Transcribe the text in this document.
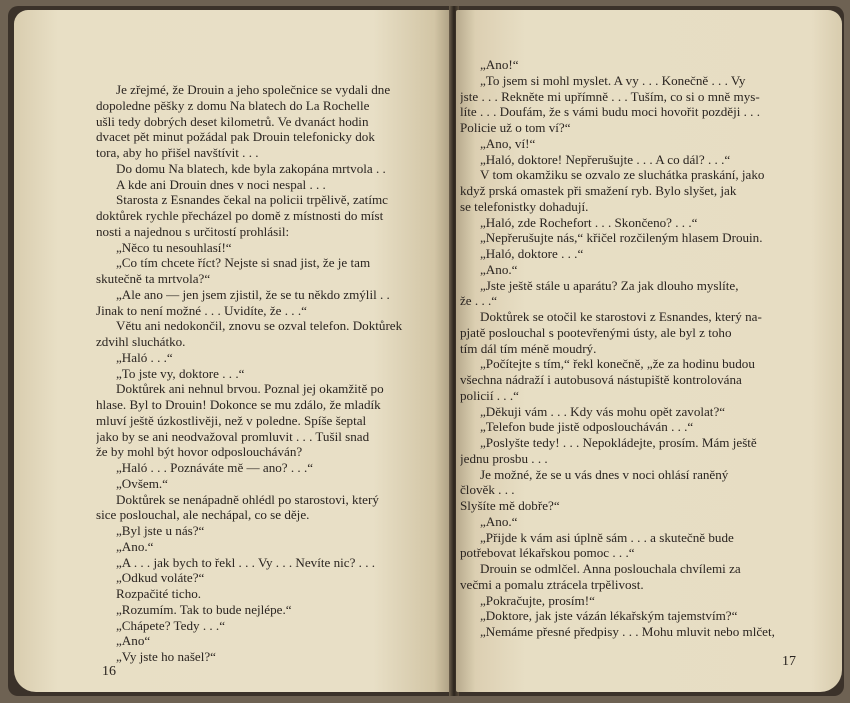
Je zřejmé, že Drouin a jeho společnice se vydali dne
dopoledne pěšky z domu Na blatech do La Rochelle
ušli tedy dobrých deset kilometrů. Ve dvanáct hodin
dvacet pět minut požádal pak Drouin telefonicky dok
tora, aby ho přišel navštívit . . .
Do domu Na blatech, kde byla zakopána mrtvola . .
A kde ani Drouin dnes v noci nespal . . .
Starosta z Esnandes čekal na policii trpělivě, zatímc
doktůrek rychle přecházel po domě z místnosti do míst
nosti a najednou s určitostí prohlásil:
„Něco tu nesouhlasí!“
„Co tím chcete říct? Nejste si snad jist, že je tam
skutečně ta mrtvola?“
„Ale ano — jen jsem zjistil, že se tu někdo zmýlil . .
Jinak to není možné . . . Uvidíte, že . . .“
Větu ani nedokončil, znovu se ozval telefon. Doktůrek
zdvihl sluchátko.
„Haló . . .“
„To jste vy, doktore . . .“
Doktůrek ani nehnul brvou. Poznal jej okamžitě po
hlase. Byl to Drouin! Dokonce se mu zdálo, že mladík
mluví ještě úzkostlivěji, než v poledne. Spíše šeptal
jako by se ani neodvažoval promluvit . . . Tušil snad
že by mohl být hovor odposloucháván?
„Haló . . . Poznáváte mě — ano? . . .“
„Ovšem.“
Doktůrek se nenápadně ohlédl po starostovi, který
sice poslouchal, ale nechápal, co se děje.
„Byl jste u nás?“
„Ano.“
„A . . . jak bych to řekl . . . Vy . . . Nevíte nic? . . .
„Odkud voláte?“
Rozpačité ticho.
„Rozumím. Tak to bude nejlépe.“
„Chápete? Tedy . . .“
„Ano“
„Vy jste ho našel?“
16
„Ano!“
„To jsem si mohl myslet. A vy . . . Konečně . . . Vy
jste . . . Rekněte mi upřímně . . . Tuším, co si o mně mys-
líte . . . Doufám, že s vámi budu moci hovořit později . . .
Policie už o tom ví?“
„Ano, ví!“
„Haló, doktore! Nepřerušujte . . . A co dál? . . .“
V tom okamžiku se ozvalo ze sluchátka praskání, jako
když prská omastek při smažení ryb. Bylo slyšet, jak
se telefonistky dohadují.
„Haló, zde Rochefort . . . Skončeno? . . .“
„Nepřerušujte nás,“ křičel rozčileným hlasem Drouin.
„Haló, doktore . . .“
„Ano.“
„Jste ještě stále u aparátu? Za jak dlouho myslíte,
že . . .“
Doktůrek se otočil ke starostovi z Esnandes, který na-
pjatě poslouchal s pootevřenými ústy, ale byl z toho
tím dál tím méně moudrý.
„Počítejte s tím,“ řekl konečně, „že za hodinu budou
všechna nádraží i autobusová nástupiště kontrolována
policií . . .“
„Děkuji vám . . . Kdy vás mohu opět zavolat?“
„Telefon bude jistě odposloucháván . . .“
„Poslyšte tedy! . . . Nepokládejte, prosím. Mám ještě
jednu prosbu . . .
Je možné, že se u vás dnes v noci ohlásí raněný
člověk . . .
Slyšíte mě dobře?“
„Ano.“
„Přijde k vám asi úplně sám . . . a skutečně bude
potřebovat lékařskou pomoc . . .“
Drouin se odmlčel. Anna poslouchala chvílemi za
večmi a pomalu ztrácela trpělivost.
„Pokračujte, prosím!“
„Doktore, jak jste vázán lékařským tajemstvím?“
„Nemáme přesné předpisy . . . Mohu mluvit nebo mlčet,
17
